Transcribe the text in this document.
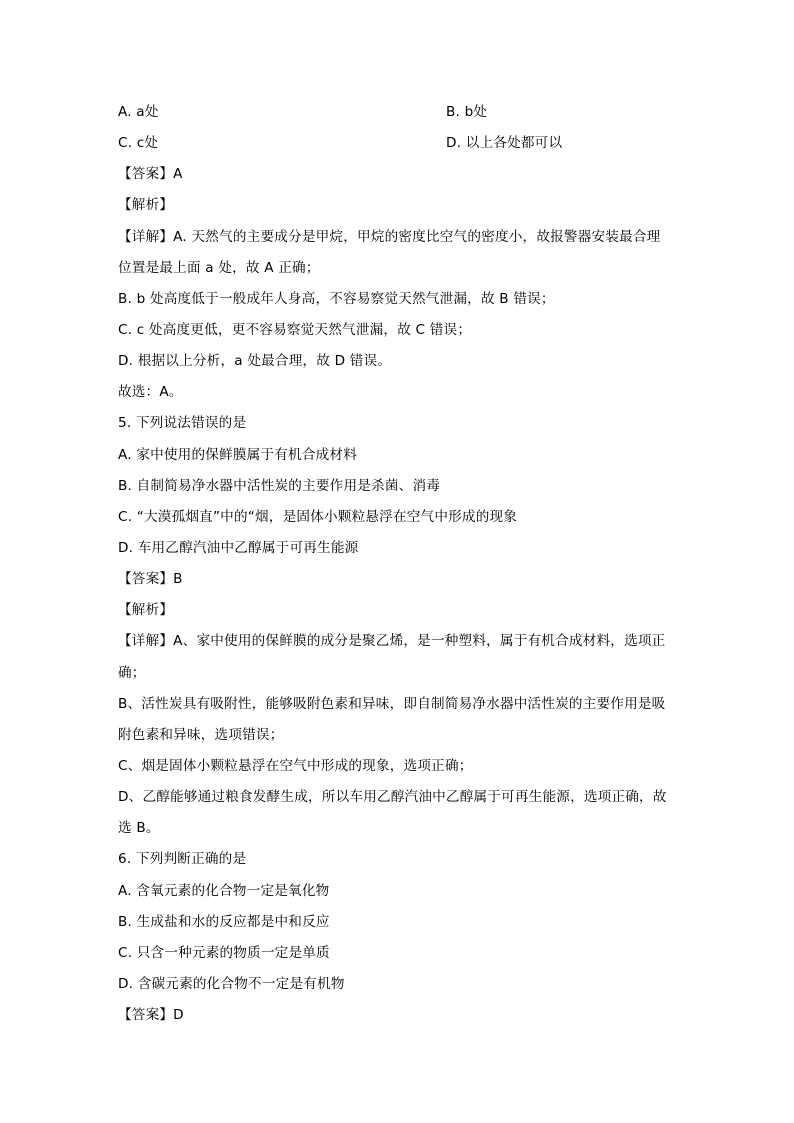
A. a处	B. b处
C. c处	D. 以上各处都可以
【答案】A
【解析】
【详解】A. 天然气的主要成分是甲烷，甲烷的密度比空气的密度小，故报警器安装最合理
位置是最上面 a 处，故 A 正确；
B. b 处高度低于一般成年人身高，不容易察觉天然气泄漏，故 B 错误；
C. c 处高度更低，更不容易察觉天然气泄漏，故 C 错误；
D. 根据以上分析，a 处最合理，故 D 错误。
故选：A。
5. 下列说法错误的是
A. 家中使用的保鲜膜属于有机合成材料
B. 自制简易净水器中活性炭的主要作用是杀菌、消毒
C. “大漠孤烟直”中的“烟，是固体小颗粒悬浮在空气中形成的现象
D. 车用乙醇汽油中乙醇属于可再生能源
【答案】B
【解析】
【详解】A、家中使用的保鲜膜的成分是聚乙烯，是一种塑料，属于有机合成材料，选项正
确；
B、活性炭具有吸附性，能够吸附色素和异味，即自制简易净水器中活性炭的主要作用是吸
附色素和异味，选项错误；
C、烟是固体小颗粒悬浮在空气中形成的现象，选项正确；
D、乙醇能够通过粮食发酵生成，所以车用乙醇汽油中乙醇属于可再生能源，选项正确，故
选 B。
6. 下列判断正确的是
A. 含氧元素的化合物一定是氧化物
B. 生成盐和水的反应都是中和反应
C. 只含一种元素的物质一定是单质
D. 含碳元素的化合物不一定是有机物
【答案】D
